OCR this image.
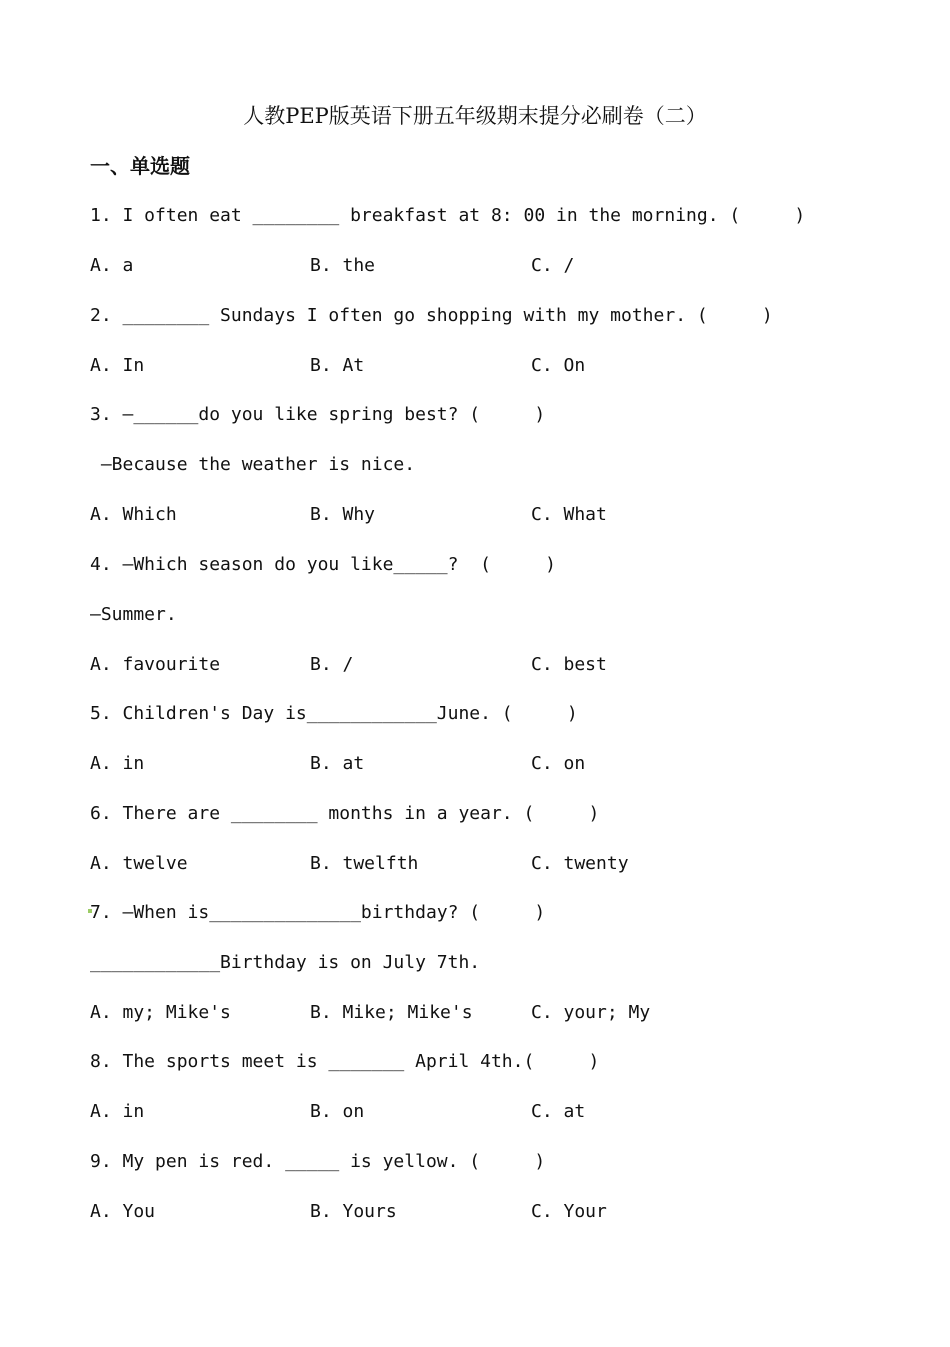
人教PEP版英语下册五年级期末提分必刷卷（二）
一、单选题
1. I often eat ________ breakfast at 8: 00 in the morning. (     )

A. a

	B. the

	C. /

2. ________ Sundays I often go shopping with my mother. (     )

A. In

	B. At

	C. On

3. —______do you like spring best? (     )
—Because the weather is nice.

A. Which

	B. Why

	C. What

4. —Which season do you like_____?  (     )
—Summer.

A. favourite

	B. /

	C. best

5. Children's Day is____________June. (     )

A. in

	B. at

	C. on

6. There are ________ months in a year. (     )

A. twelve

	B. twelfth

	C. twenty

7. —When is______________birthday? (     )
____________Birthday is on July 7th.

A. my; Mike's

	B. Mike; Mike's

	C. your; My

8. The sports meet is _______ April 4th.(     )

A. in

	B. on

	C. at

9. My pen is red. _____ is yellow. (     )

A. You

	B. Yours

	C. Your
